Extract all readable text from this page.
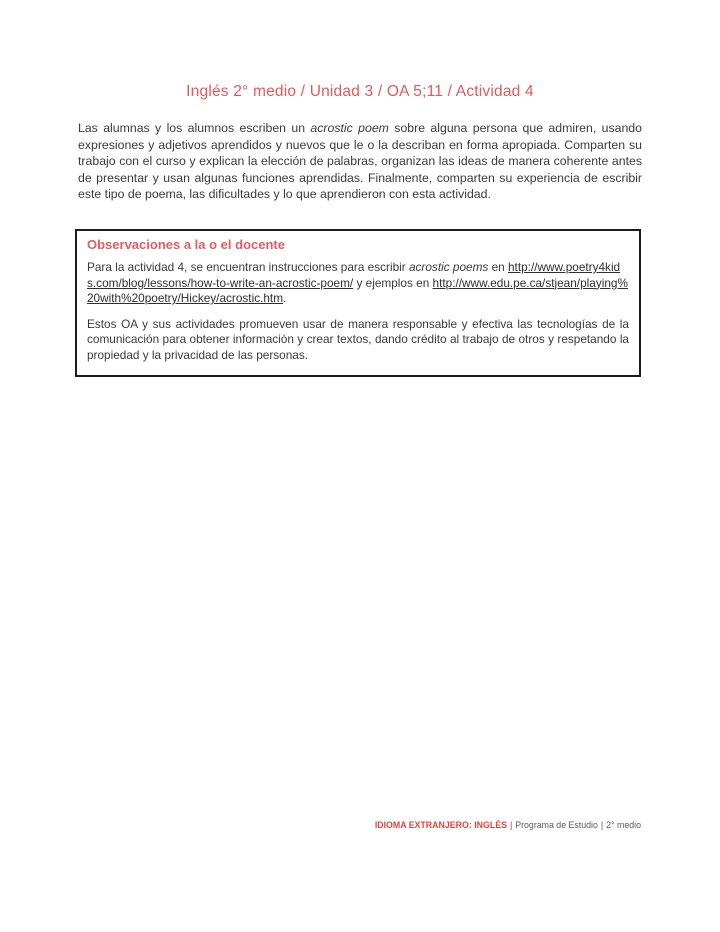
Inglés 2° medio / Unidad 3 / OA 5;11 / Actividad 4

Las alumnas y los alumnos escriben un acrostic poem sobre alguna persona que admiren, usando expresiones y adjetivos aprendidos y nuevos que le o la describan en forma apropiada. Comparten su trabajo con el curso y explican la elección de palabras, organizan las ideas de manera coherente antes de presentar y usan algunas funciones aprendidas. Finalmente, comparten su experiencia de escribir este tipo de poema, las dificultades y lo que aprendieron con esta actividad.

Observaciones a la o el docente

Para la actividad 4, se encuentran instrucciones para escribir acrostic poems en http://www.poetry4kids.com/blog/lessons/how-to-write-an-acrostic-poem/ y ejemplos en http://www.edu.pe.ca/stjean/playing%20with%20poetry/Hickey/acrostic.htm.

Estos OA y sus actividades promueven usar de manera responsable y efectiva las tecnologías de la comunicación para obtener información y crear textos, dando crédito al trabajo de otros y respetando la propiedad y la privacidad de las personas.

IDIOMA EXTRANJERO: INGLÉS | Programa de Estudio | 2° medio
